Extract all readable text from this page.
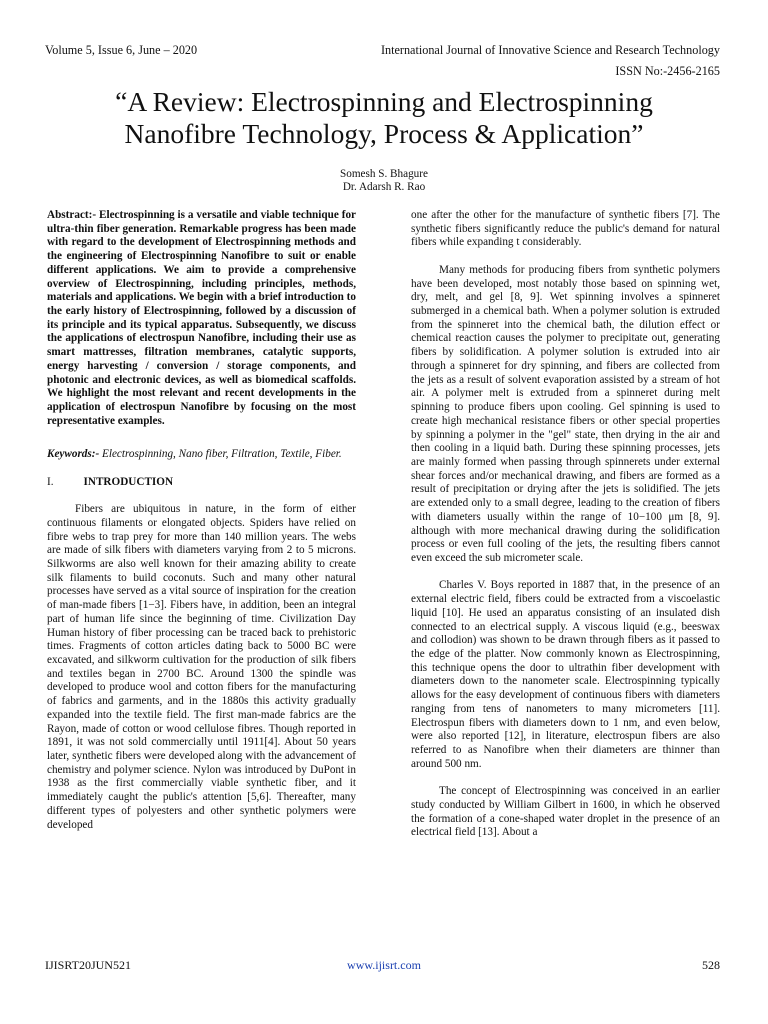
Volume 5, Issue 6, June – 2020	International Journal of Innovative Science and Research Technology
ISSN No:-2456-2165
“A Review: Electrospinning and Electrospinning
Nanofibre Technology, Process & Application”
Somesh S. Bhagure
Dr. Adarsh R. Rao

Abstract:- Electrospinning is a versatile and viable technique for ultra-thin fiber generation. Remarkable progress has been made with regard to the development of Electrospinning methods and the engineering of Electrospinning Nanofibre to suit or enable different applications. We aim to provide a comprehensive overview of Electrospinning, including principles, methods, materials and applications. We begin with a brief introduction to the early history of Electrospinning, followed by a discussion of its principle and its typical apparatus. Subsequently, we discuss the applications of electrospun Nanofibre, including their use as smart mattresses, filtration membranes, catalytic supports, energy harvesting / conversion / storage components, and photonic and electronic devices, as well as biomedical scaffolds. We highlight the most relevant and recent developments in the application of electrospun Nanofibre by focusing on the most representative examples.

Keywords:- Electrospinning, Nano fiber, Filtration, Textile, Fiber.

I.	INTRODUCTION

Fibers are ubiquitous in nature, in the form of either continuous filaments or elongated objects. Spiders have relied on fibre webs to trap prey for more than 140 million years. The webs are made of silk fibers with diameters varying from 2 to 5 microns. Silkworms are also well known for their amazing ability to create silk filaments to build coconuts. Such and many other natural processes have served as a vital source of inspiration for the creation of man-made fibers [1−3]. Fibers have, in addition, been an integral part of human life since the beginning of time. Civilization Day Human history of fiber processing can be traced back to prehistoric times. Fragments of cotton articles dating back to 5000 BC were excavated, and silkworm cultivation for the production of silk fibers and textiles began in 2700 BC. Around 1300 the spindle was developed to produce wool and cotton fibers for the manufacturing of fabrics and garments, and in the 1880s this activity gradually expanded into the textile field. The first man-made fabrics are the Rayon, made of cotton or wood cellulose fibres. Though reported in 1891, it was not sold commercially until 1911[4]. About 50 years later, synthetic fibers were developed along with the advancement of chemistry and polymer science. Nylon was introduced by DuPont in 1938 as the first commercially viable synthetic fiber, and it immediately caught the public's attention [5,6]. Thereafter, many different types of polyesters and other synthetic polymers were developed

one after the other for the manufacture of synthetic fibers [7]. The synthetic fibers significantly reduce the public's demand for natural fibers while expanding t considerably.

Many methods for producing fibers from synthetic polymers have been developed, most notably those based on spinning wet, dry, melt, and gel [8, 9]. Wet spinning involves a spinneret submerged in a chemical bath. When a polymer solution is extruded from the spinneret into the chemical bath, the dilution effect or chemical reaction causes the polymer to precipitate out, generating fibers by solidification. A polymer solution is extruded into air through a spinneret for dry spinning, and fibers are collected from the jets as a result of solvent evaporation assisted by a stream of hot air. A polymer melt is extruded from a spinneret during melt spinning to produce fibers upon cooling. Gel spinning is used to create high mechanical resistance fibers or other special properties by spinning a polymer in the "gel" state, then drying in the air and then cooling in a liquid bath. During these spinning processes, jets are mainly formed when passing through spinnerets under external shear forces and/or mechanical drawing, and fibers are formed as a result of precipitation or drying after the jets is solidified. The jets are extended only to a small degree, leading to the creation of fibers with diameters usually within the range of 10−100 μm [8, 9]. although with more mechanical drawing during the solidification process or even full cooling of the jets, the resulting fibers cannot even exceed the sub micrometer scale.

Charles V. Boys reported in 1887 that, in the presence of an external electric field, fibers could be extracted from a viscoelastic liquid [10]. He used an apparatus consisting of an insulated dish connected to an electrical supply. A viscous liquid (e.g., beeswax and collodion) was shown to be drawn through fibers as it passed to the edge of the platter. Now commonly known as Electrospinning, this technique opens the door to ultrathin fiber development with diameters down to the nanometer scale. Electrospinning typically allows for the easy development of continuous fibers with diameters ranging from tens of nanometers to many micrometers [11]. Electrospun fibers with diameters down to 1 nm, and even below, were also reported [12], in literature, electrospun fibers are also referred to as Nanofibre when their diameters are thinner than around 500 nm.

The concept of Electrospinning was conceived in an earlier study conducted by William Gilbert in 1600, in which he observed the formation of a cone-shaped water droplet in the presence of an electrical field [13]. About a

IJISRT20JUN521	www.ijisrt.com	528
